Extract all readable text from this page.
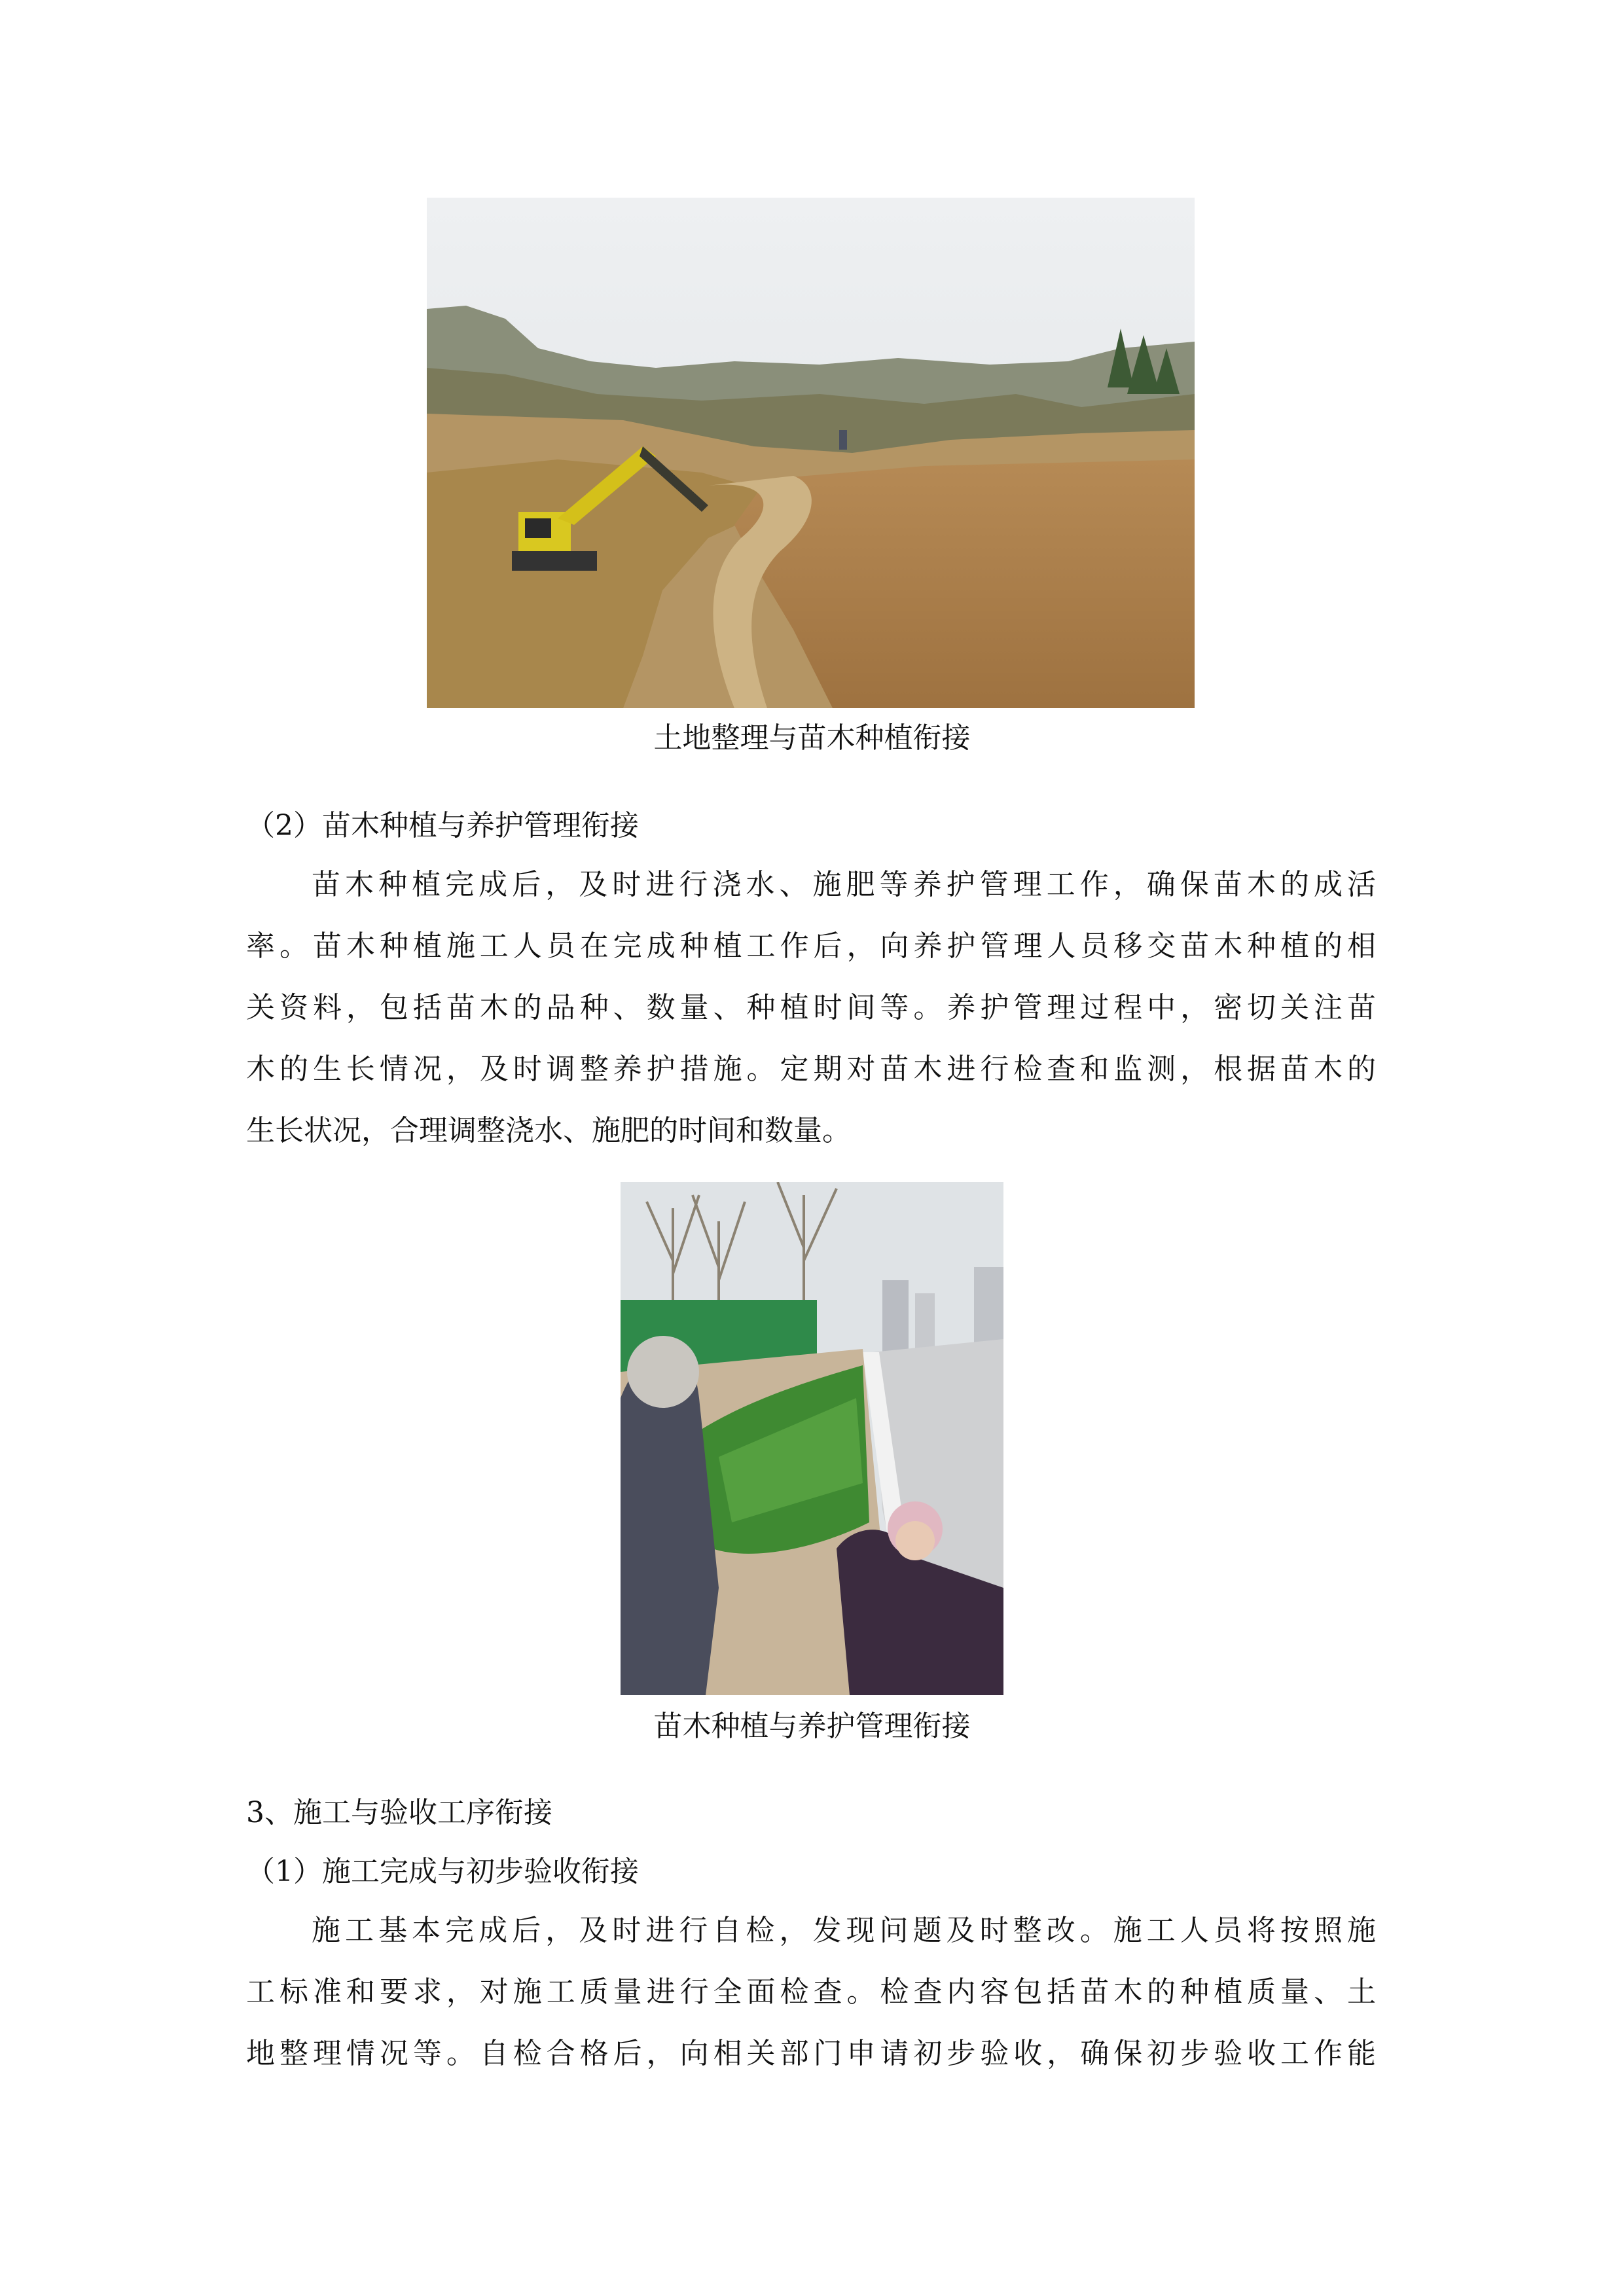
土地整理与苗木种植衔接
（2）苗木种植与养护管理衔接
苗木种植完成后，及时进行浇水、施肥等养护管理工作，确保苗木的成活
率。苗木种植施工人员在完成种植工作后，向养护管理人员移交苗木种植的相
关资料，包括苗木的品种、数量、种植时间等。养护管理过程中，密切关注苗
木的生长情况，及时调整养护措施。定期对苗木进行检查和监测，根据苗木的
生长状况，合理调整浇水、施肥的时间和数量。
苗木种植与养护管理衔接
3、施工与验收工序衔接
（1）施工完成与初步验收衔接
施工基本完成后，及时进行自检，发现问题及时整改。施工人员将按照施
工标准和要求，对施工质量进行全面检查。检查内容包括苗木的种植质量、土
地整理情况等。自检合格后，向相关部门申请初步验收，确保初步验收工作能
